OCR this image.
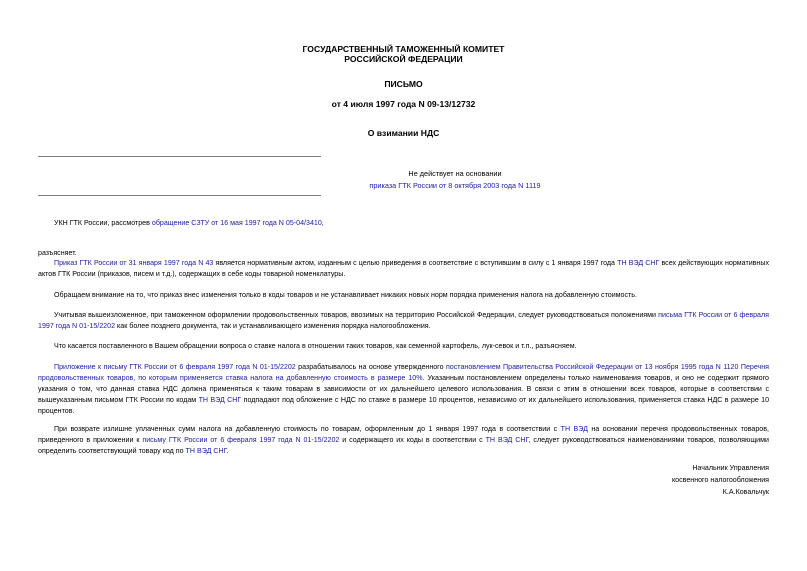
ГОСУДАРСТВЕННЫЙ ТАМОЖЕННЫЙ КОМИТЕТ
РОССИЙСКОЙ ФЕДЕРАЦИИ
ПИСЬМО
от 4 июля 1997 года N 09-13/12732
О взимании НДС
Не действует на основании
приказа ГТК России от 8 октября 2003 года N 1119
УКН ГТК России, рассмотрев обращение СЗТУ от 16 мая 1997 года N 05-04/3410,
разъясняет.
Приказ ГТК России от 31 января 1997 года N 43 является нормативным актом, изданным с целью приведения в соответствие с вступившим в силу с 1 января 1997 года ТН ВЭД СНГ всех действующих нормативных актов ГТК России (приказов, писем и т.д.), содержащих в себе коды товарной номенклатуры.
Обращаем внимание на то, что приказ внес изменения только в коды товаров и не устанавливает никаких новых норм порядка применения налога на добавленную стоимость.
Учитывая вышеизложенное, при таможенном оформлении продовольственных товаров, ввозимых на территорию Российской Федерации, следует руководствоваться положениями письма ГТК России от 6 февраля 1997 года N 01-15/2202 как более позднего документа, так и устанавливающего изменения порядка налогообложения.
Что касается поставленного в Вашем обращении вопроса о ставке налога в отношении таких товаров, как семенной картофель, лук-севок и т.п., разъясняем.
Приложение к письму ГТК России от 6 февраля 1997 года N 01-15/2202 разрабатывалось на основе утвержденного постановлением Правительства Российской Федерации от 13 ноября 1995 года N 1120 Перечня продовольственных товаров, по которым применяется ставка налога на добавленную стоимость в размере 10%. Указанным постановлением определены только наименования товаров, и оно не содержит прямого указания о том, что данная ставка НДС должна применяться к таким товарам в зависимости от их дальнейшего целевого использования. В связи с этим в отношении всех товаров, которые в соответствии с вышеуказанным письмом ГТК России по кодам ТН ВЭД СНГ подпадают под обложение с НДС по ставке в размере 10 процентов, независимо от их дальнейшего использования, применяется ставка НДС в размере 10 процентов.
При возврате излишне уплаченных сумм налога на добавленную стоимость по товарам, оформленным до 1 января 1997 года в соответствии с ТН ВЭД на основании перечня продовольственных товаров, приведенного в приложении к письму ГТК России от 6 февраля 1997 года N 01-15/2202 и содержащего их коды в соответствии с ТН ВЭД СНГ, следует руководствоваться наименованиями товаров, позволяющими определить соответствующий товару код по ТН ВЭД СНГ.
Начальник Управления
косвенного налогообложения
К.А.Ковальчук
